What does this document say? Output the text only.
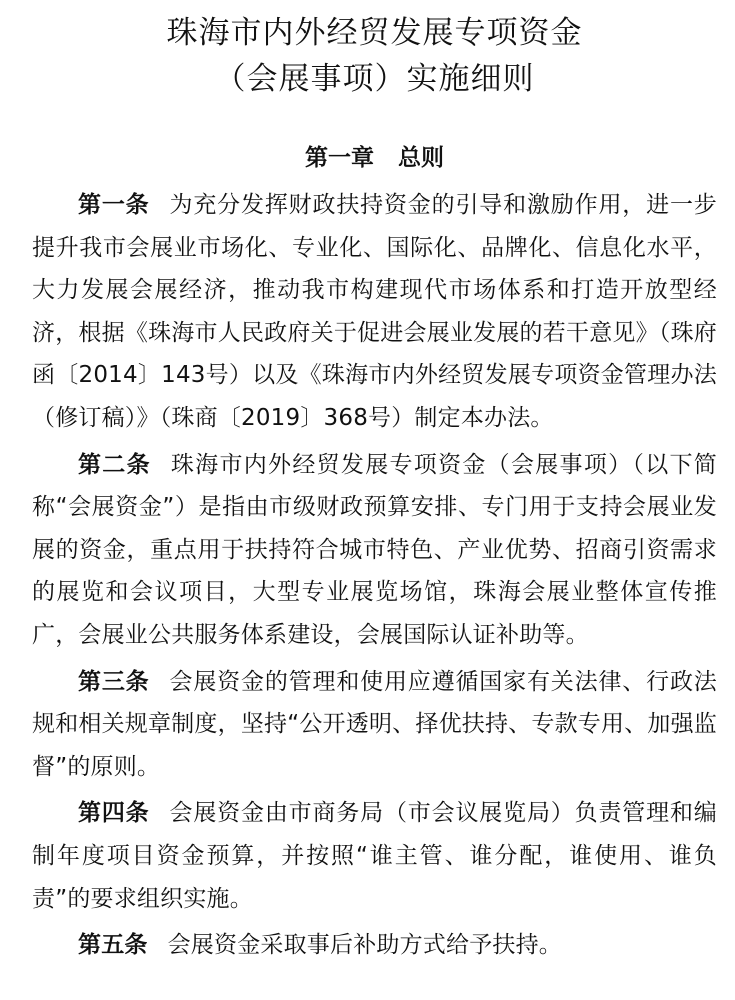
珠海市内外经贸发展专项资金
（会展事项）实施细则
第一章 总则

第一条 为充分发挥财政扶持资金的引导和激励作用，进一步提升我市会展业市场化、专业化、国际化、品牌化、信息化水平，大力发展会展经济，推动我市构建现代市场体系和打造开放型经济，根据《珠海市人民政府关于促进会展业发展的若干意见》（珠府函〔2014〕143号）以及《珠海市内外经贸发展专项资金管理办法（修订稿）》（珠商〔2019〕368号）制定本办法。

第二条 珠海市内外经贸发展专项资金（会展事项）（以下简称“会展资金”）是指由市级财政预算安排、专门用于支持会展业发展的资金，重点用于扶持符合城市特色、产业优势、招商引资需求的展览和会议项目，大型专业展览场馆，珠海会展业整体宣传推广，会展业公共服务体系建设，会展国际认证补助等。

第三条 会展资金的管理和使用应遵循国家有关法律、行政法规和相关规章制度，坚持“公开透明、择优扶持、专款专用、加强监督”的原则。

第四条 会展资金由市商务局（市会议展览局）负责管理和编制年度项目资金预算，并按照“谁主管、谁分配，谁使用、谁负责”的要求组织实施。

第五条 会展资金采取事后补助方式给予扶持。
